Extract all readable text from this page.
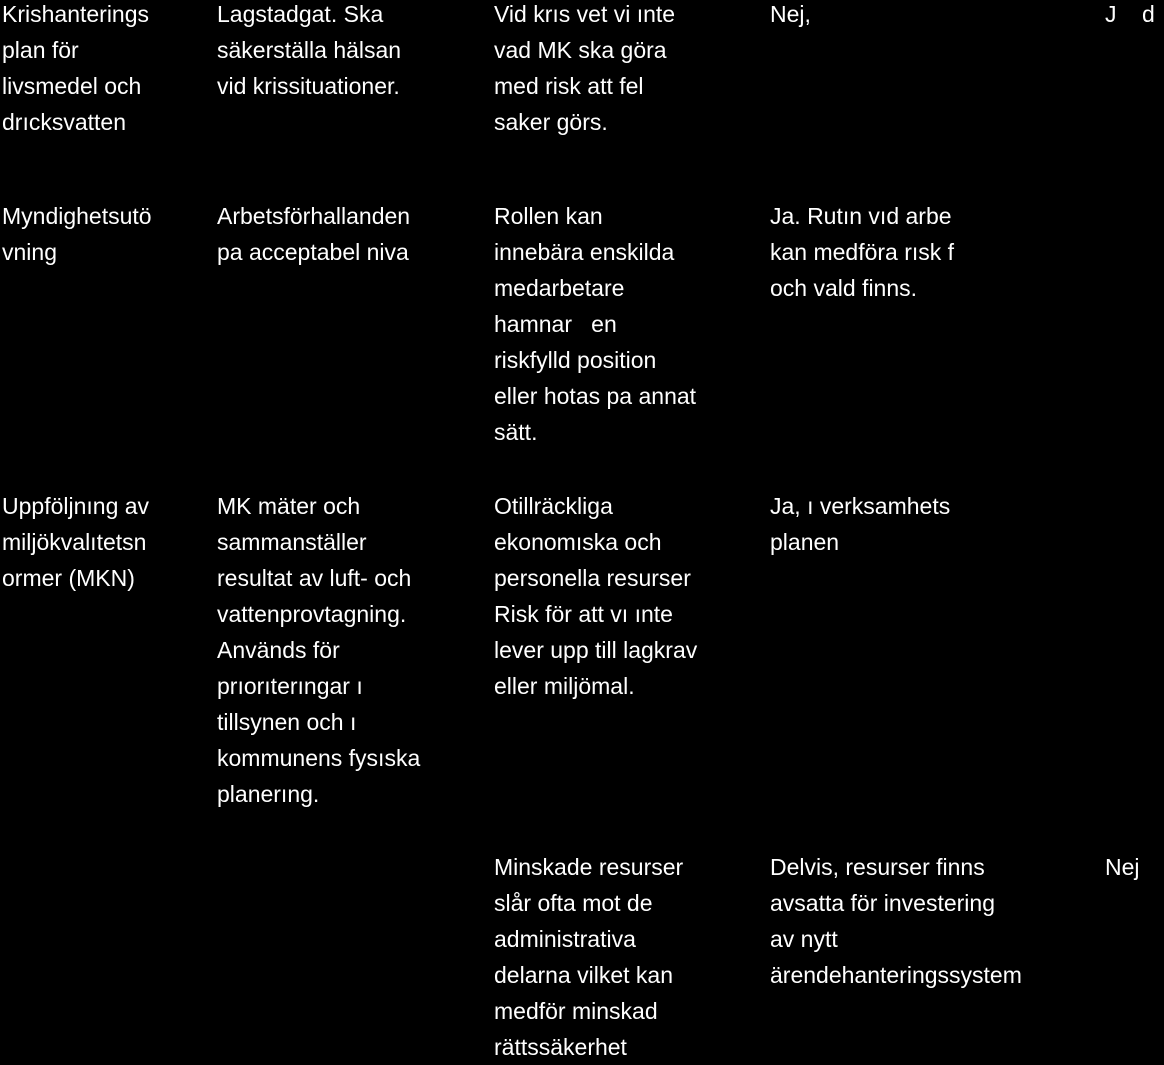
Krishanterings
plan för
livsmedel och
drıcksvatten
Lagstadgat. Ska
säkerställa hälsan
vid krissituationer.
Vid krıs vet vi ınte
vad MK ska göra
med risk att fel
saker görs.
Nej,	J    d
Myndighetsutö
vning
Arbetsförhallanden
pa acceptabel niva
Rollen kan
innebära enskilda
medarbetare
hamnar   en
riskfylld position
eller hotas pa annat
sätt.
Ja. Rutın vıd arbe
kan medföra rısk f
och vald finns.
Uppföljnıng av
miljökvalıtetsn
ormer (MKN)
MK mäter och
sammanställer
resultat av luft- och
vattenprovtagning.
Används för
prıorıterıngar ı
tillsynen och ı
kommunens fysıska
planerıng.
Otillräckliga
ekonomıska och
personella resurser
Risk för att vı ınte
lever upp till lagkrav
eller miljömal.
Ja, ı verksamhets
planen
Minskade resurser
slår ofta mot de
administrativa
delarna vilket kan
medför minskad
rättssäkerhet
Delvis, resurser finns
avsatta för investering
av nytt
ärendehanteringssystem
Nej
